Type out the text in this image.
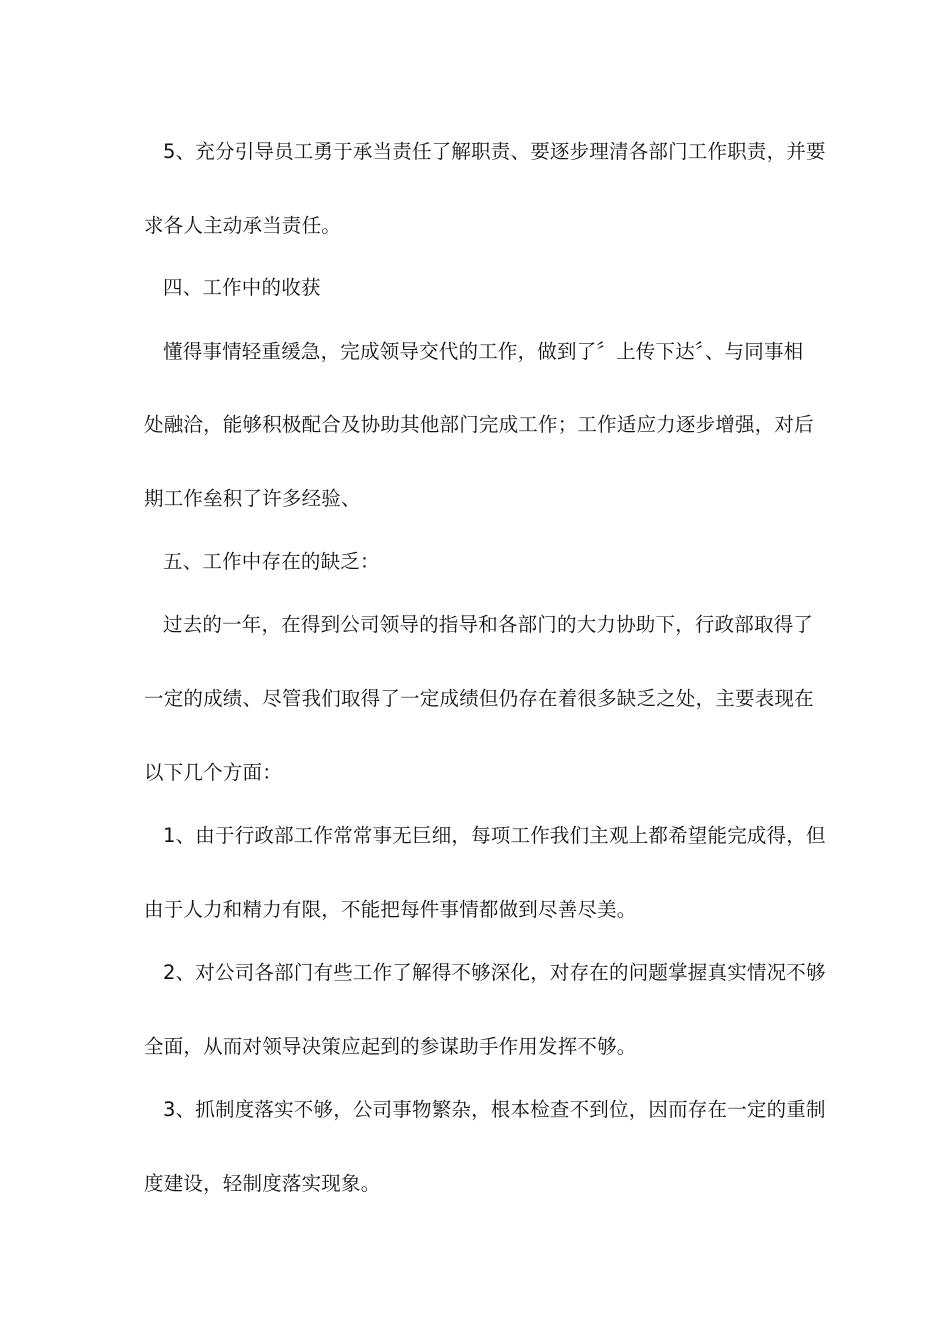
5、充分引导员工勇于承当责任了解职责、要逐步理清各部门工作职责，并要
求各人主动承当责任。
四、工作中的收获
懂得事情轻重缓急，完成领导交代的工作，做到了〞上传下达〞、与同事相
处融洽，能够积极配合及协助其他部门完成工作；工作适应力逐步增强，对后
期工作垒积了许多经验、
五、工作中存在的缺乏：
过去的一年，在得到公司领导的指导和各部门的大力协助下，行政部取得了
一定的成绩、尽管我们取得了一定成绩但仍存在着很多缺乏之处，主要表现在
以下几个方面：
1、由于行政部工作常常事无巨细，每项工作我们主观上都希望能完成得，但
由于人力和精力有限，不能把每件事情都做到尽善尽美。
2、对公司各部门有些工作了解得不够深化，对存在的问题掌握真实情况不够
全面，从而对领导决策应起到的参谋助手作用发挥不够。
3、抓制度落实不够，公司事物繁杂，根本检查不到位，因而存在一定的重制
度建设，轻制度落实现象。
